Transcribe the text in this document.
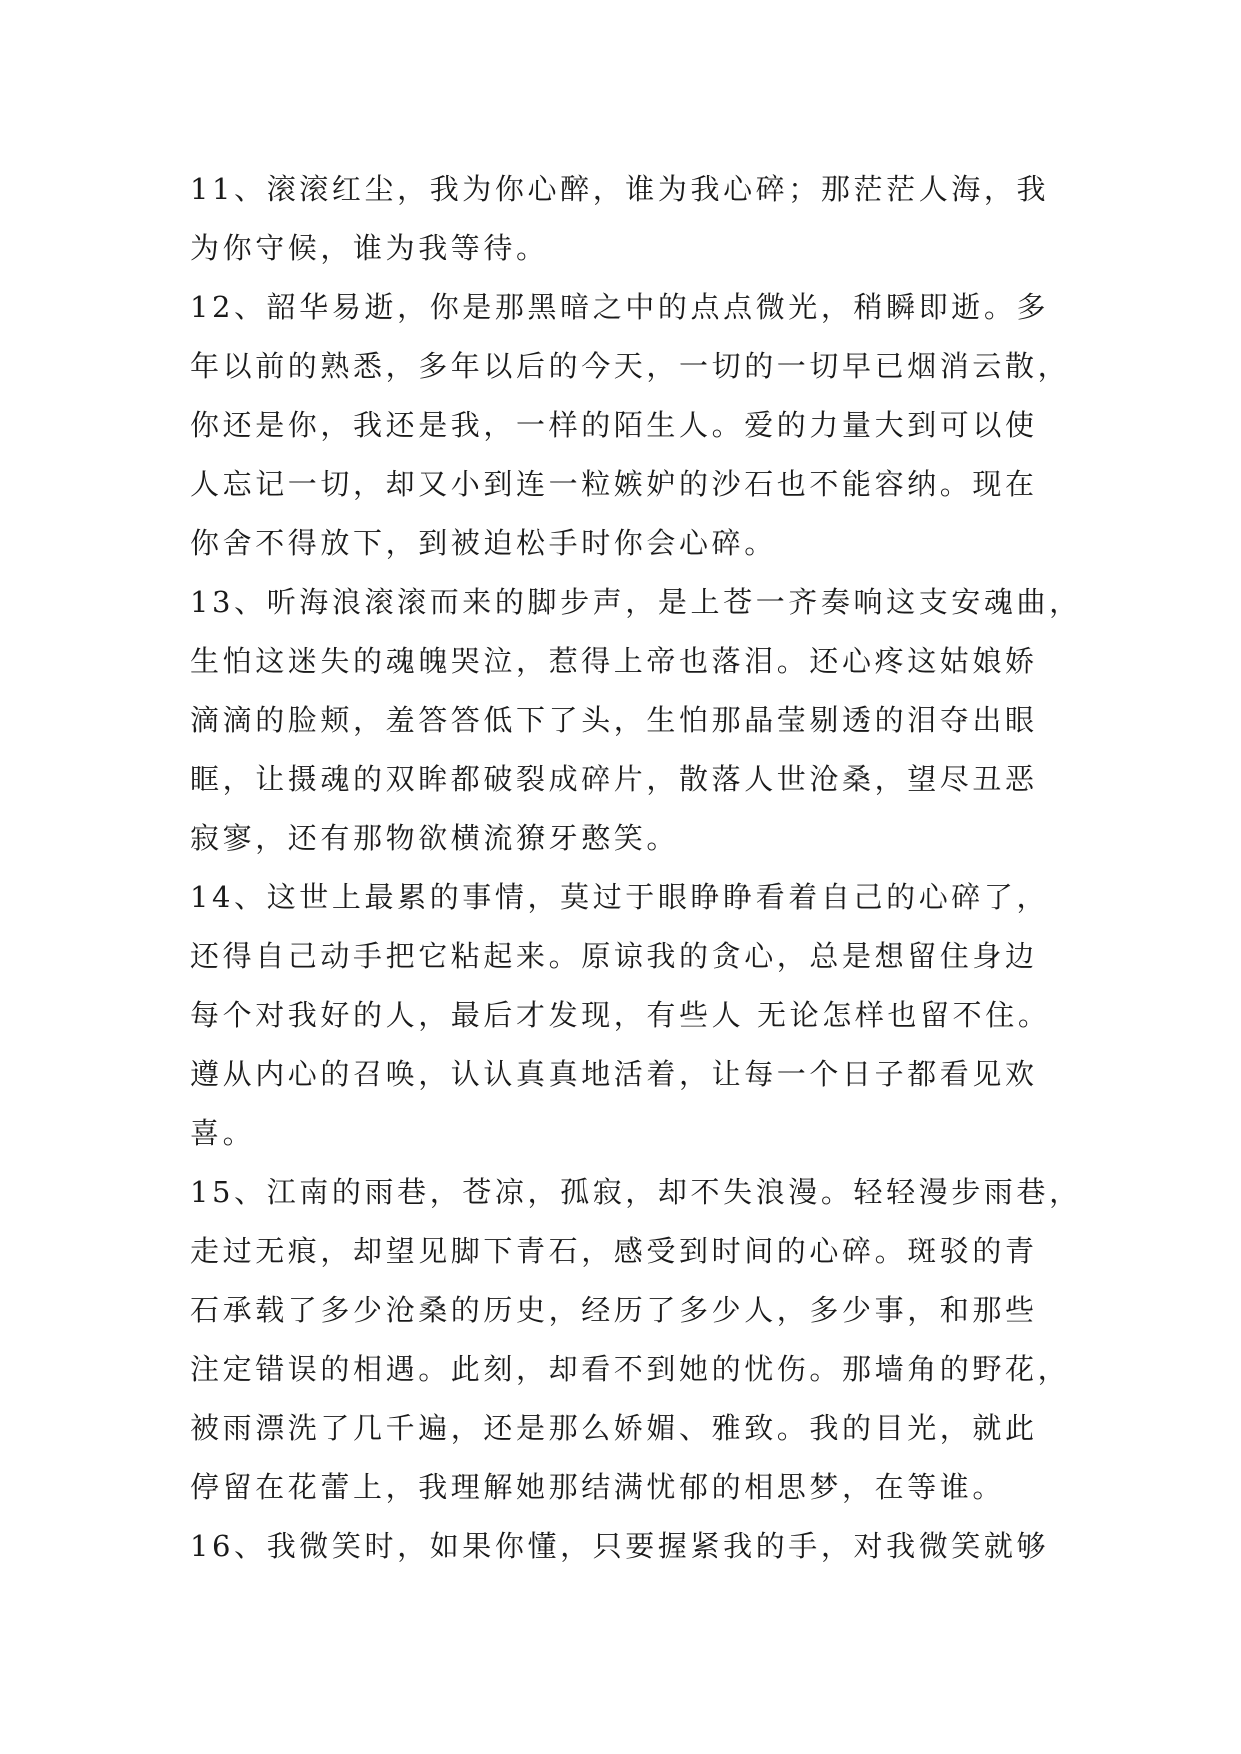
11、滚滚红尘，我为你心醉，谁为我心碎；那茫茫人海，我
为你守候，谁为我等待。
12、韶华易逝，你是那黑暗之中的点点微光，稍瞬即逝。多
年以前的熟悉，多年以后的今天，一切的一切早已烟消云散，
你还是你，我还是我，一样的陌生人。爱的力量大到可以使
人忘记一切，却又小到连一粒嫉妒的沙石也不能容纳。现在
你舍不得放下，到被迫松手时你会心碎。
13、听海浪滚滚而来的脚步声，是上苍一齐奏响这支安魂曲，
生怕这迷失的魂魄哭泣，惹得上帝也落泪。还心疼这姑娘娇
滴滴的脸颊，羞答答低下了头，生怕那晶莹剔透的泪夺出眼
眶，让摄魂的双眸都破裂成碎片，散落人世沧桑，望尽丑恶
寂寥，还有那物欲横流獠牙憨笑。
14、这世上最累的事情，莫过于眼睁睁看着自己的心碎了，
还得自己动手把它粘起来。原谅我的贪心，总是想留住身边
每个对我好的人，最后才发现，有些人 无论怎样也留不住。
遵从内心的召唤，认认真真地活着，让每一个日子都看见欢
喜。
15、江南的雨巷，苍凉，孤寂，却不失浪漫。轻轻漫步雨巷，
走过无痕，却望见脚下青石，感受到时间的心碎。斑驳的青
石承载了多少沧桑的历史，经历了多少人，多少事，和那些
注定错误的相遇。此刻，却看不到她的忧伤。那墙角的野花，
被雨漂洗了几千遍，还是那么娇媚、雅致。我的目光，就此
停留在花蕾上，我理解她那结满忧郁的相思梦，在等谁。
16、我微笑时，如果你懂，只要握紧我的手，对我微笑就够
